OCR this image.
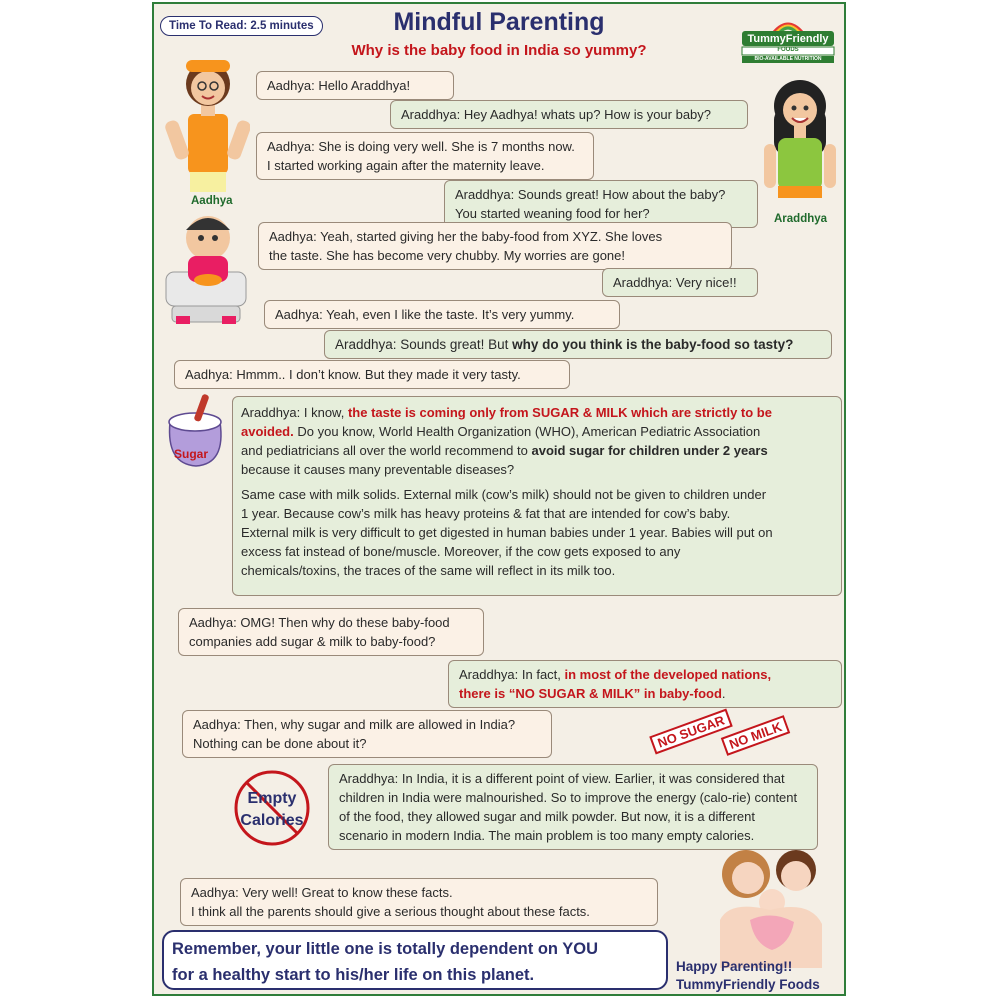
Time To Read: 2.5 minutes	Mindful Parenting
Why is the baby food in India so yummy?
TummyFriendly
FOODS
BIO-AVAILABLE NUTRITION
Aadhya
Araddhya
Sugar
Empty
Calories
NO SUGAR NO MILK
Aadhya: Hello Araddhya!
Araddhya: Hey Aadhya! whats up? How is your baby?
Aadhya: She is doing very well. She is 7 months now.
I started working again after the maternity leave.
Araddhya: Sounds great! How about the baby?
You started weaning food for her?
Aadhya: Yeah, started giving her the baby-food from XYZ. She loves
the taste. She has become very chubby. My worries are gone!
Araddhya: Very nice!!
Aadhya: Yeah, even I like the taste. It’s very yummy.
Araddhya: Sounds great! But why do you think is the baby-food so tasty?
Aadhya: Hmmm.. I don’t know. But they made it very tasty.
Araddhya: I know, the taste is coming only from SUGAR & MILK which are strictly to be avoided. Do you know, World Health Organization (WHO), American Pediatric Association and pediatricians all over the world recommend to avoid sugar for children under 2 years because it causes many preventable diseases?
Same case with milk solids. External milk (cow’s milk) should not be given to children under 1 year. Because cow’s milk has heavy proteins & fat that are intended for cow’s baby. External milk is very difficult to get digested in human babies under 1 year. Babies will put on excess fat instead of bone/muscle. Moreover, if the cow gets exposed to any chemicals/toxins, the traces of the same will reflect in its milk too.
Aadhya: OMG! Then why do these baby-food
companies add sugar & milk to baby-food?
Araddhya: In fact, in most of the developed nations,
there is “NO SUGAR & MILK” in baby-food.
Aadhya: Then, why sugar and milk are allowed in India?
Nothing can be done about it?
Araddhya: In India, it is a different point of view. Earlier, it was considered that children in India were malnourished. So to improve the energy (calo-rie) content of the food, they allowed sugar and milk powder. But now, it is a different scenario in modern India. The main problem is too many empty calories.
Aadhya: Very well! Great to know these facts.
I think all the parents should give a serious thought about these facts.
Remember, your little one is totally dependent on YOU
for a healthy start to his/her life on this planet.	Happy Parenting!!
TummyFriendly Foods
